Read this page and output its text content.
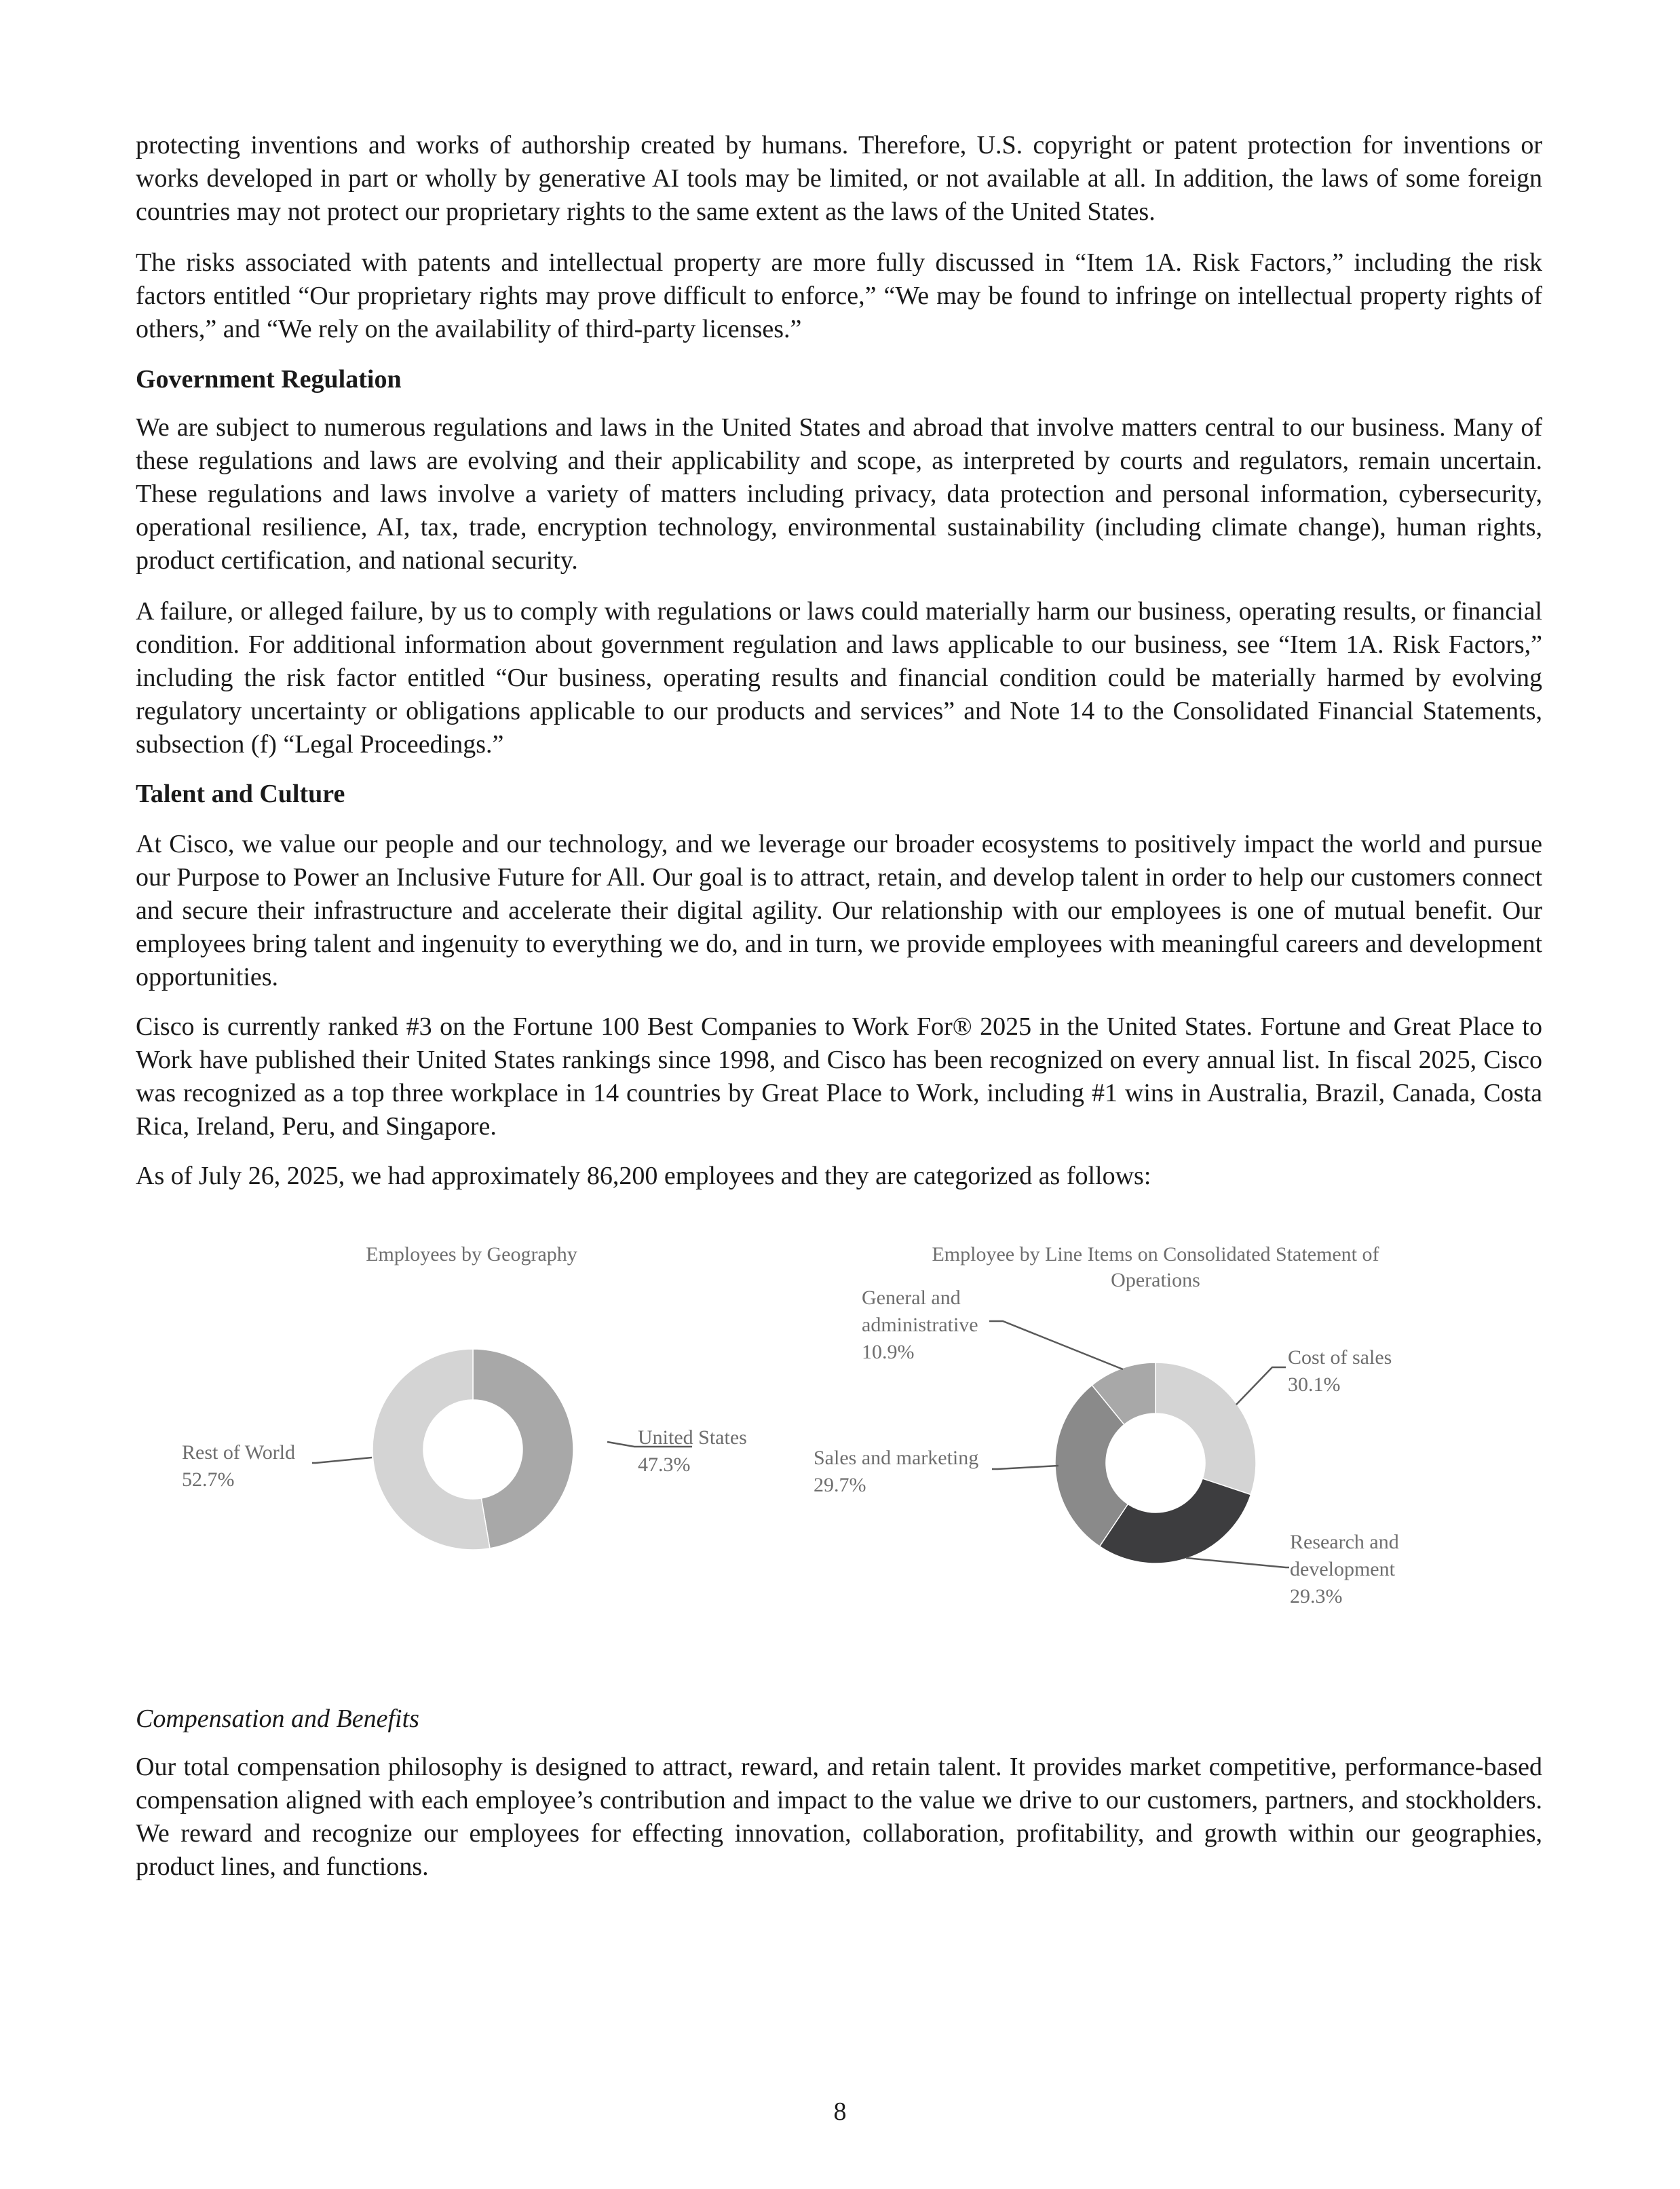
protecting inventions and works of authorship created by humans. Therefore, U.S. copyright or patent protection for inventions or works developed in part or wholly by generative AI tools may be limited, or not available at all. In addition, the laws of some foreign countries may not protect our proprietary rights to the same extent as the laws of the United States.

The risks associated with patents and intellectual property are more fully discussed in “Item 1A. Risk Factors,” including the risk factors entitled “Our proprietary rights may prove difficult to enforce,” “We may be found to infringe on intellectual property rights of others,” and “We rely on the availability of third-party licenses.”

Government Regulation

We are subject to numerous regulations and laws in the United States and abroad that involve matters central to our business. Many of these regulations and laws are evolving and their applicability and scope, as interpreted by courts and regulators, remain uncertain. These regulations and laws involve a variety of matters including privacy, data protection and personal information, cybersecurity, operational resilience, AI, tax, trade, encryption technology, environmental sustainability (including climate change), human rights, product certification, and national security.

A failure, or alleged failure, by us to comply with regulations or laws could materially harm our business, operating results, or financial condition. For additional information about government regulation and laws applicable to our business, see “Item 1A. Risk Factors,” including the risk factor entitled “Our business, operating results and financial condition could be materially harmed by evolving regulatory uncertainty or obligations applicable to our products and services” and Note 14 to the Consolidated Financial Statements, subsection (f) “Legal Proceedings.”

Talent and Culture

At Cisco, we value our people and our technology, and we leverage our broader ecosystems to positively impact the world and pursue our Purpose to Power an Inclusive Future for All. Our goal is to attract, retain, and develop talent in order to help our customers connect and secure their infrastructure and accelerate their digital agility. Our relationship with our employees is one of mutual benefit. Our employees bring talent and ingenuity to everything we do, and in turn, we provide employees with meaningful careers and development opportunities.

Cisco is currently ranked #3 on the Fortune 100 Best Companies to Work For® 2025 in the United States. Fortune and Great Place to Work have published their United States rankings since 1998, and Cisco has been recognized on every annual list. In fiscal 2025, Cisco was recognized as a top three workplace in 14 countries by Great Place to Work, including #1 wins in Australia, Brazil, Canada, Costa Rica, Ireland, Peru, and Singapore.

As of July 26, 2025, we had approximately 86,200 employees and they are categorized as follows:

Employees by Geography
United States
47.3%
Rest of World
52.7%
Employee by Line Items on Consolidated Statement of
Operations
Cost of sales
30.1%
Research and
development
29.3%
Sales and marketing
29.7%
General and
administrative
10.9%

Compensation and Benefits

Our total compensation philosophy is designed to attract, reward, and retain talent. It provides market competitive, performance-based compensation aligned with each employee’s contribution and impact to the value we drive to our customers, partners, and stockholders. We reward and recognize our employees for effecting innovation, collaboration, profitability, and growth within our geographies, product lines, and functions.

8
